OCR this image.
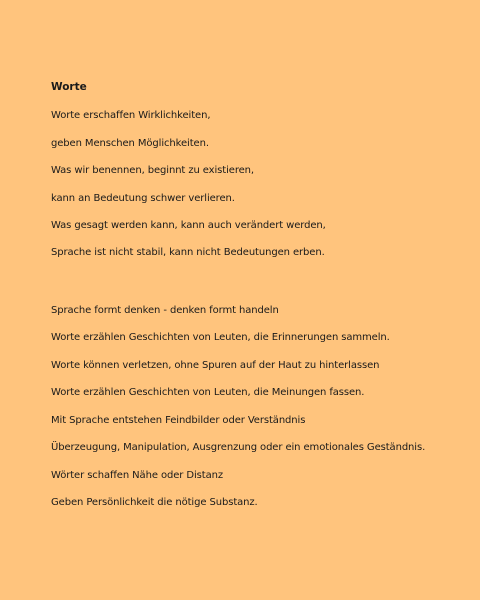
Worte
Worte erschaffen Wirklichkeiten,
geben Menschen Möglichkeiten.
Was wir benennen, beginnt zu existieren,
kann an Bedeutung schwer verlieren.
Was gesagt werden kann, kann auch verändert werden,
Sprache ist nicht stabil, kann nicht Bedeutungen erben.
Sprache formt denken - denken formt handeln
Worte erzählen Geschichten von Leuten, die Erinnerungen sammeln.
Worte können verletzen, ohne Spuren auf der Haut zu hinterlassen
Worte erzählen Geschichten von Leuten, die Meinungen fassen.
Mit Sprache entstehen Feindbilder oder Verständnis
Überzeugung, Manipulation, Ausgrenzung oder ein emotionales Geständnis.
Wörter schaffen Nähe oder Distanz
Geben Persönlichkeit die nötige Substanz.
